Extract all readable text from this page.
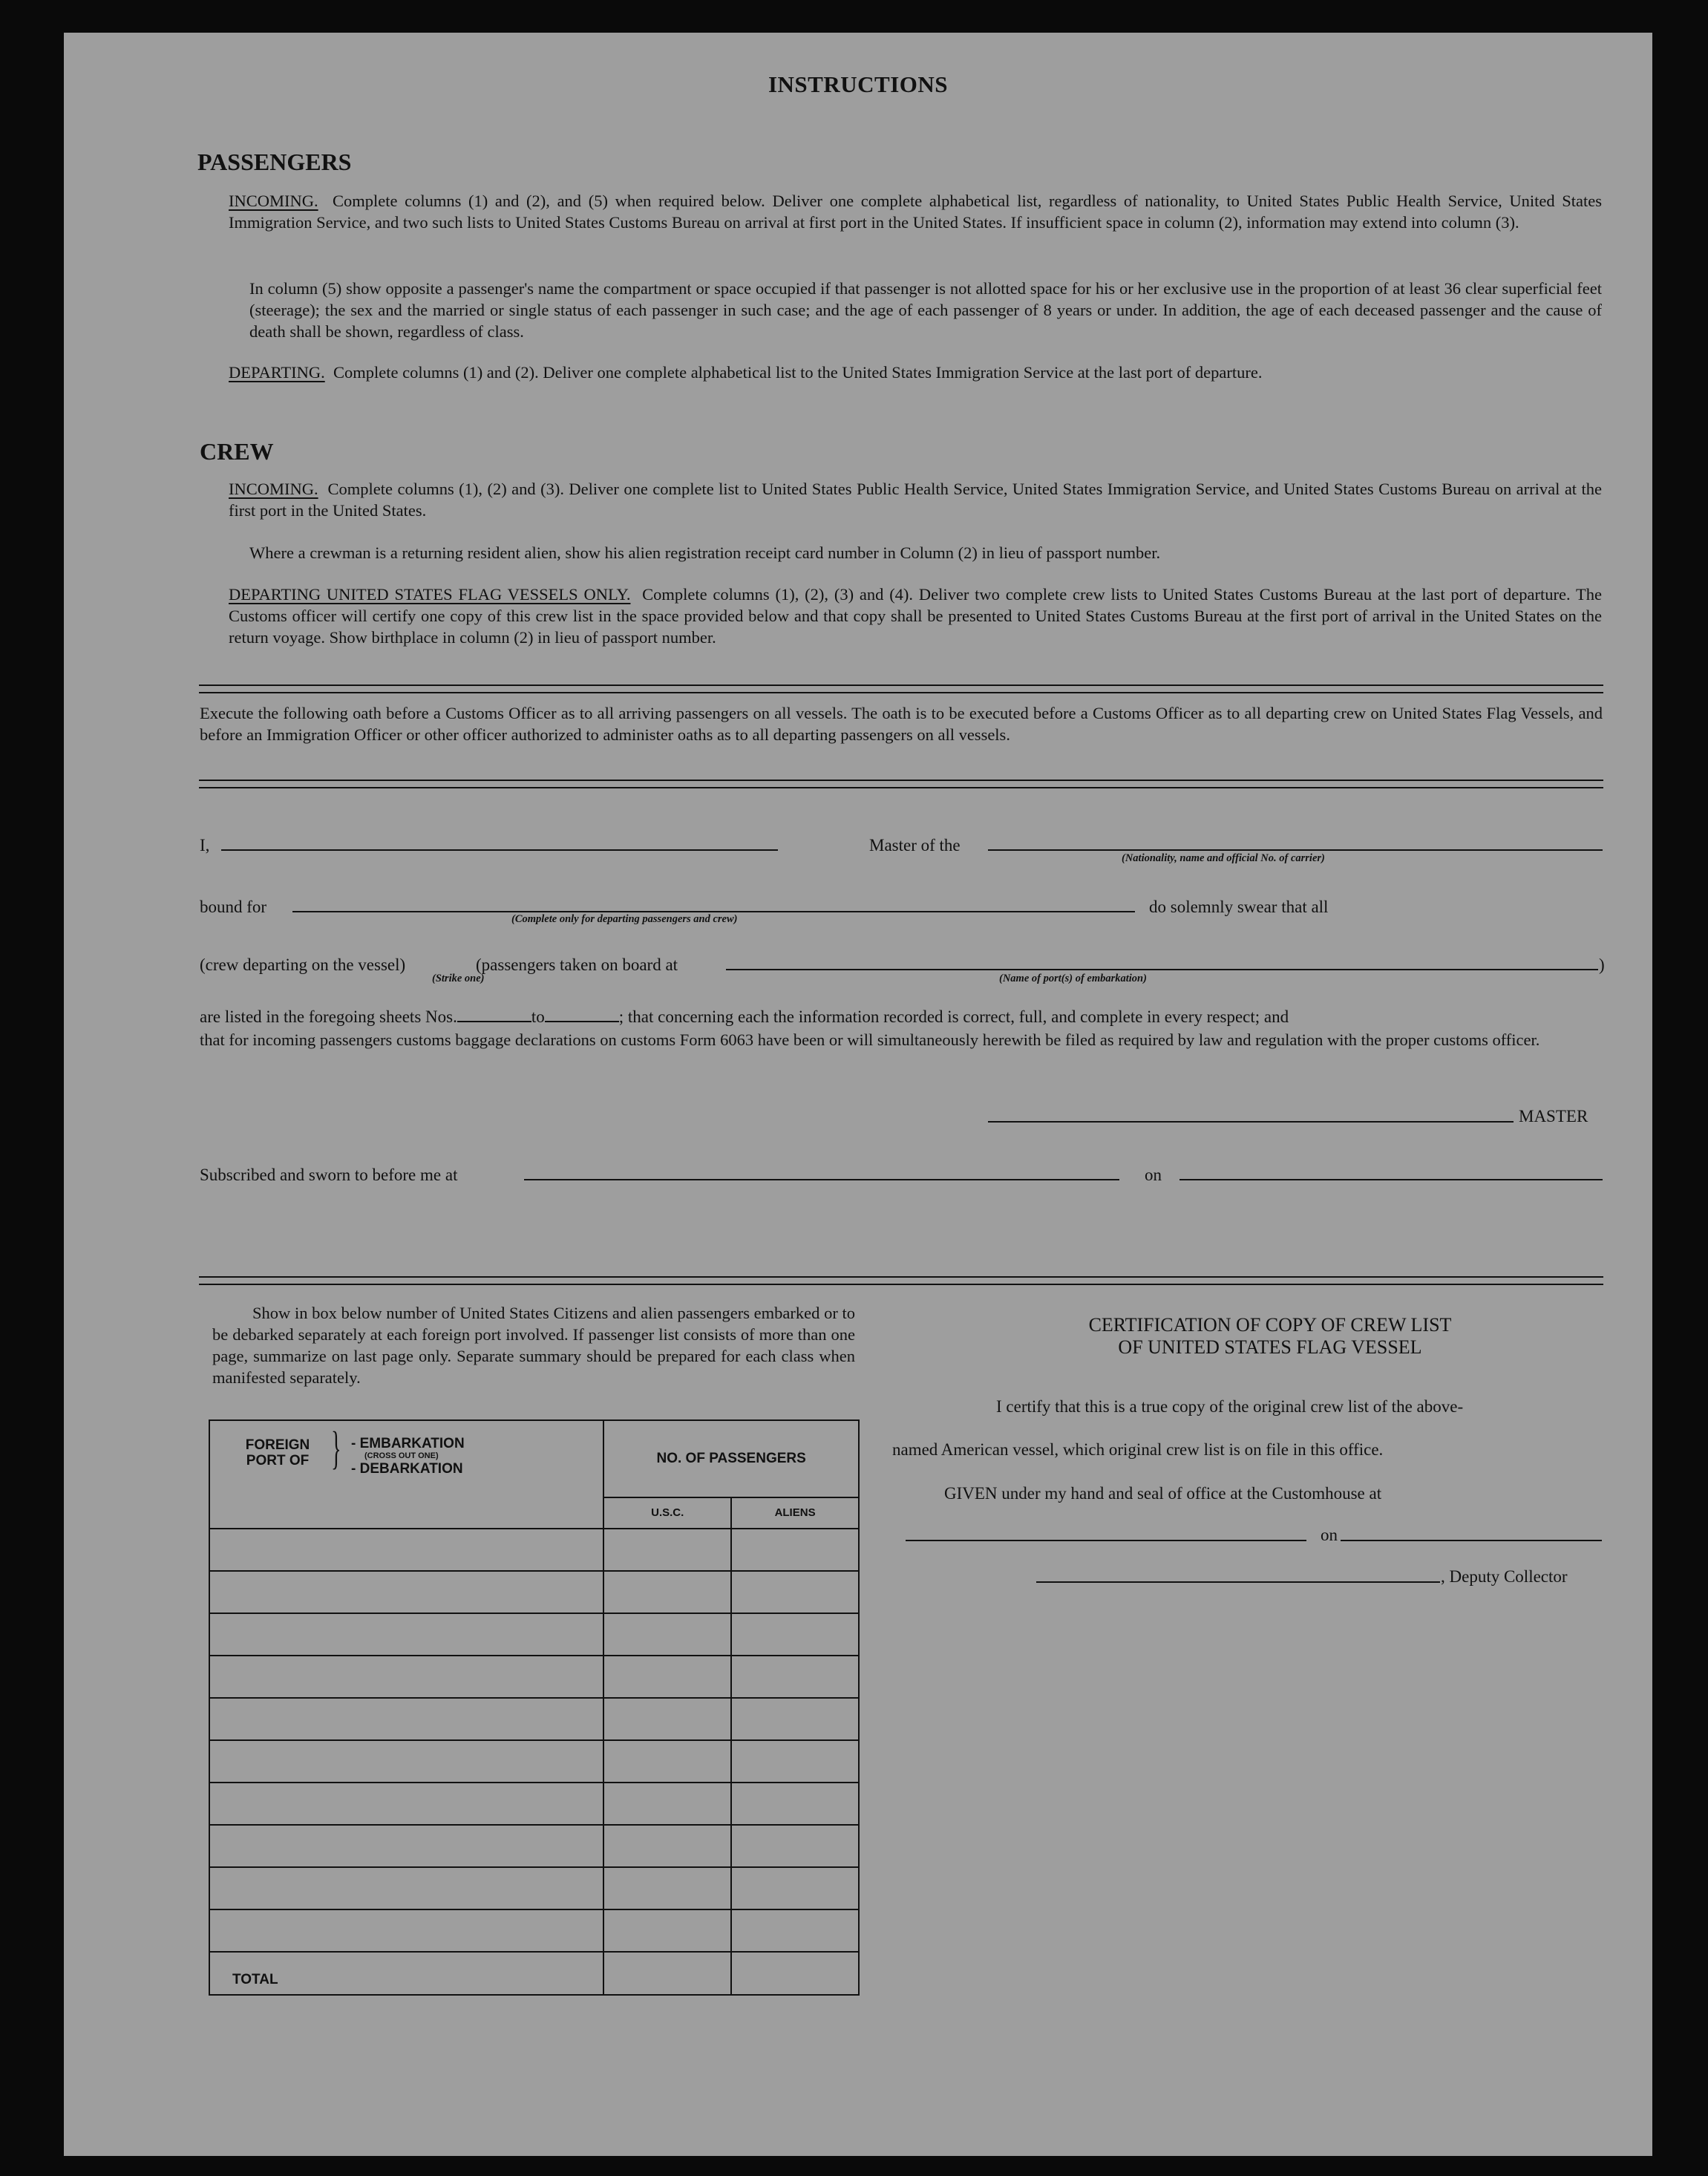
INSTRUCTIONS
PASSENGERS
INCOMING. Complete columns (1) and (2), and (5) when required below. Deliver one complete alphabetical list, regardless of nationality, to United States Public Health Service, United States Immigration Service, and two such lists to United States Customs Bureau on arrival at first port in the United States. If insufficient space in column (2), information may extend into column (3).
In column (5) show opposite a passenger's name the compartment or space occupied if that passenger is not allotted space for his or her exclusive use in the proportion of at least 36 clear superficial feet (steerage); the sex and the married or single status of each passenger in such case; and the age of each passenger of 8 years or under. In addition, the age of each deceased passenger and the cause of death shall be shown, regardless of class.
DEPARTING. Complete columns (1) and (2). Deliver one complete alphabetical list to the United States Immigration Service at the last port of departure.
CREW
INCOMING. Complete columns (1), (2) and (3). Deliver one complete list to United States Public Health Service, United States Immigration Service, and United States Customs Bureau on arrival at the first port in the United States.
Where a crewman is a returning resident alien, show his alien registration receipt card number in Column (2) in lieu of passport number.
DEPARTING UNITED STATES FLAG VESSELS ONLY. Complete columns (1), (2), (3) and (4). Deliver two complete crew lists to United States Customs Bureau at the last port of departure. The Customs officer will certify one copy of this crew list in the space provided below and that copy shall be presented to United States Customs Bureau at the first port of arrival in the United States on the return voyage. Show birthplace in column (2) in lieu of passport number.
Execute the following oath before a Customs Officer as to all arriving passengers on all vessels. The oath is to be executed before a Customs Officer as to all departing crew on United States Flag Vessels, and before an Immigration Officer or other officer authorized to administer oaths as to all departing passengers on all vessels.
I,	Master of the
(Nationality, name and official No. of carrier)
bound for
(Complete only for departing passengers and crew)
do solemnly swear that all
(crew departing on the vessel)	(passengers taken on board at	)
(Strike one)	(Name of port(s) of embarkation)
are listed in the foregoing sheets Nos.	to	; that concerning each the information recorded is correct, full, and complete in every respect; and
that for incoming passengers customs baggage declarations on customs Form 6063 have been or will simultaneously herewith be filed as required by law and regulation with the proper customs officer.
MASTER
Subscribed and sworn to before me at	on
Show in box below number of United States Citizens and alien passengers embarked or to be debarked separately at each foreign port involved. If passenger list consists of more than one page, summarize on last page only. Separate summary should be prepared for each class when manifested separately.
FOREIGN PORT OF } - EMBARKATION
(CROSS OUT ONE)
- DEBARKATION	NO. OF PASSENGERS	
	U.S.C.	ALIENS

TOTAL		
CERTIFICATION OF COPY OF CREW LIST
OF UNITED STATES FLAG VESSEL
I certify that this is a true copy of the original crew list of the above-
named American vessel, which original crew list is on file in this office.
GIVEN under my hand and seal of office at the Customhouse at
on
, Deputy Collector
